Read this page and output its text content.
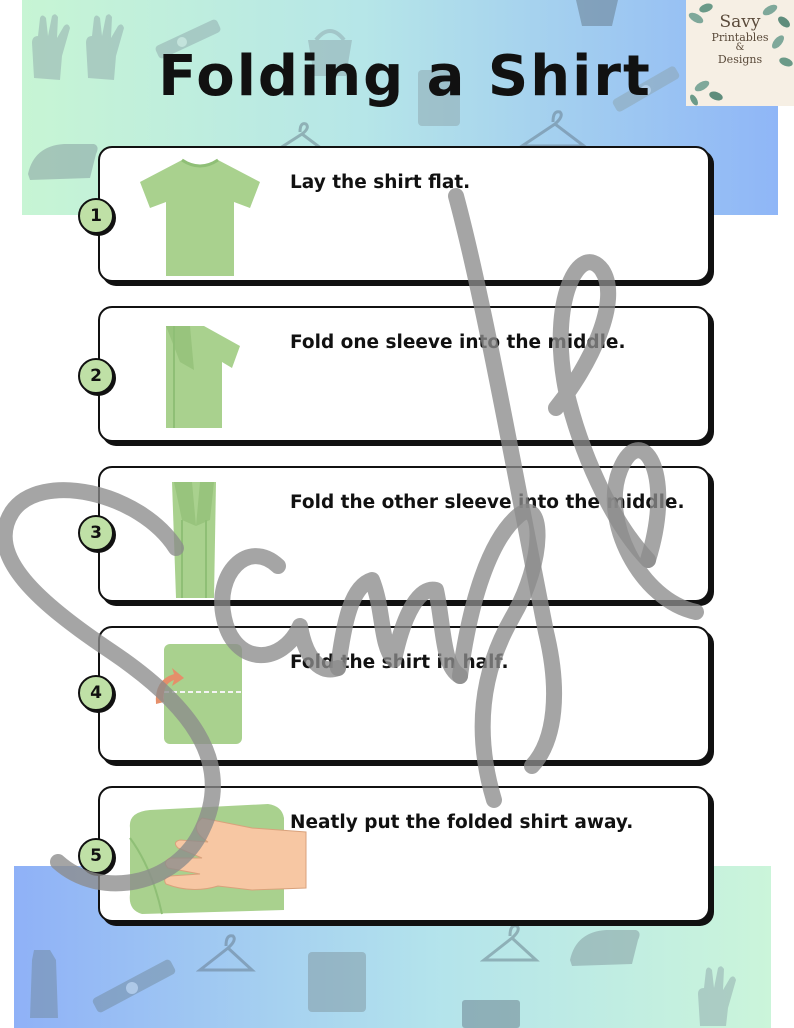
Folding a Shirt
Savy
Printables
&
Designs

Lay the shirt flat.

1

Fold one sleeve into the middle.

2

Fold the other sleeve into the middle.

3

Fold the shirt in half.

4

Neatly put the folded shirt away.

5
